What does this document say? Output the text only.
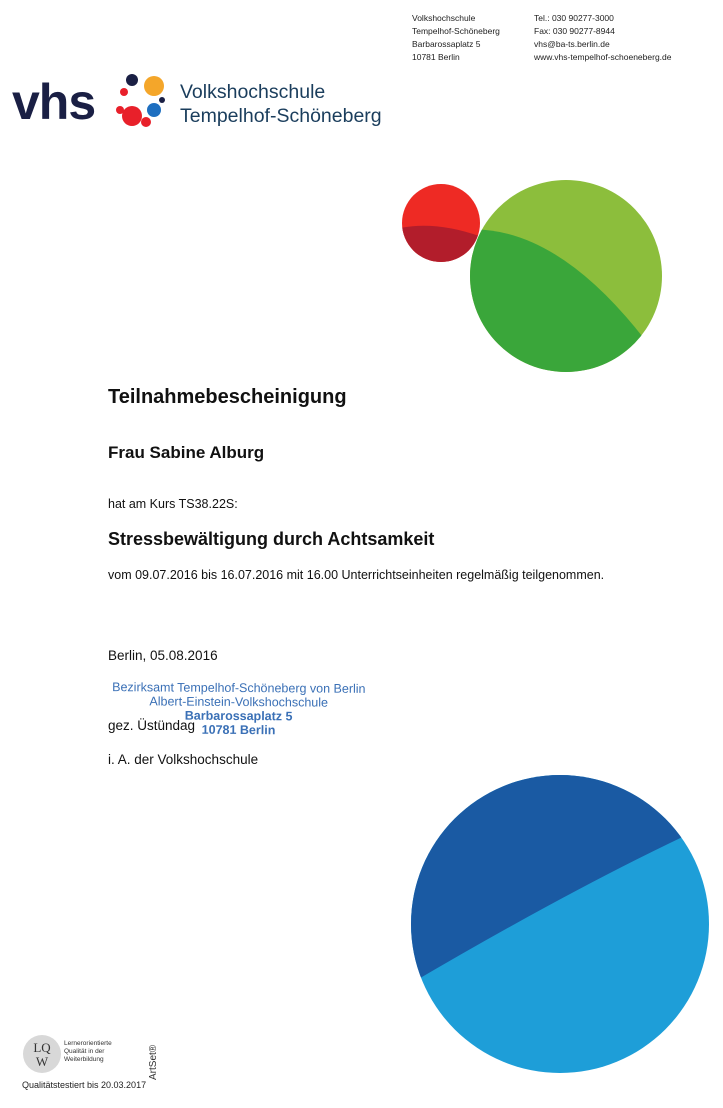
Volkshochschule
Tempelhof-Schöneberg
Barbarossaplatz 5
10781 Berlin
Tel.: 030 90277-3000
Fax: 030 90277-8944
vhs@ba-ts.berlin.de
www.vhs-tempelhof-schoeneberg.de
vhs	Volkshochschule
Tempelhof-Schöneberg
Teilnahmebescheinigung
Frau Sabine Alburg
hat am Kurs TS38.22S:
Stressbewältigung durch Achtsamkeit
vom 09.07.2016 bis 16.07.2016 mit 16.00 Unterrichtseinheiten regelmäßig teilgenommen.
Berlin, 05.08.2016
gez. Üstündag
i. A. der Volkshochschule
Bezirksamt Tempelhof-Schöneberg von Berlin
Albert-Einstein-Volkshochschule
Barbarossaplatz 5
10781 Berlin
LQ
W
Lernerorientierte
Qualität in der
Weiterbildung	ArtSet®
Qualitätstestiert bis 20.03.2017
